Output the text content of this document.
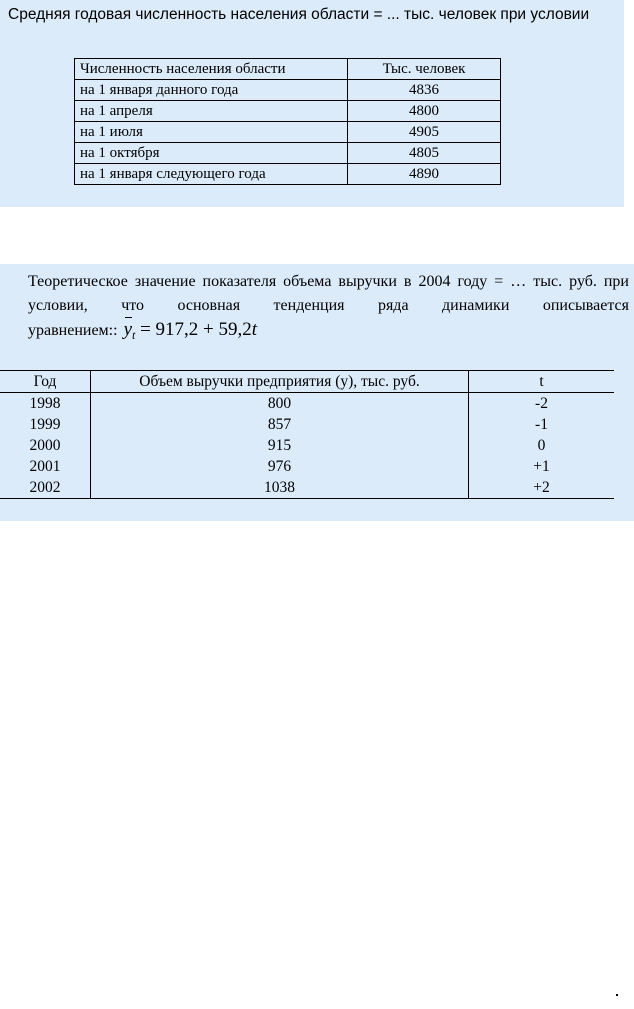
Средняя годовая численность населения области = ... тыс. человек при условии
Численность населения области	Тыс. человек
на 1 января данного года	4836
на 1 апреля	4800
на 1 июля	4905
на 1 октября	4805
на 1 января следующего года	4890
Теоретическое значение показателя объема выручки в 2004 году = … тыс. руб. при условии, что основная тенденция ряда динамики описывается уравнением:: $y_t = 917,2 + 59,2t$
Год	Объем выручки предприятия (у), тыс. руб.	t
1998	800	-2
1999	857	-1
2000	915	0
2001	976	+1
2002	1038	+2
